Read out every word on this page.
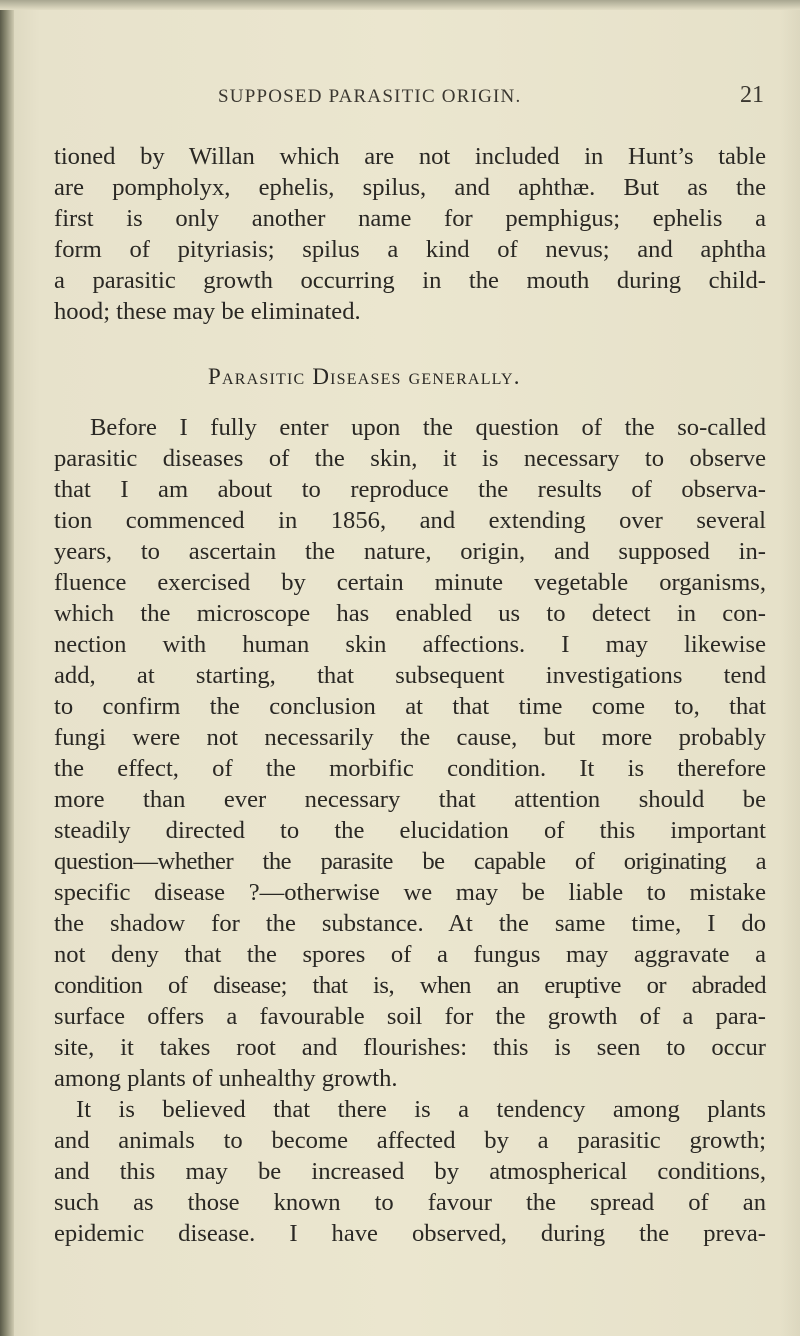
SUPPOSED PARASITIC ORIGIN.	21
tioned by Willan which are not included in Hunt’s table
are pompholyx, ephelis, spilus, and aphthæ. But as the
first is only another name for pemphigus; ephelis a
form of pityriasis; spilus a kind of nevus; and aphtha
a parasitic growth occurring in the mouth during child-
hood; these may be eliminated.
Parasitic Diseases generally.
Before I fully enter upon the question of the so-called
parasitic diseases of the skin, it is necessary to observe
that I am about to reproduce the results of observa-
tion commenced in 1856, and extending over several
years, to ascertain the nature, origin, and supposed in-
fluence exercised by certain minute vegetable organisms,
which the microscope has enabled us to detect in con-
nection with human skin affections. I may likewise
add, at starting, that subsequent investigations tend
to confirm the conclusion at that time come to, that
fungi were not necessarily the cause, but more probably
the effect, of the morbific condition. It is therefore
more than ever necessary that attention should be
steadily directed to the elucidation of this important
question—whether the parasite be capable of originating a
specific disease ?—otherwise we may be liable to mistake
the shadow for the substance. At the same time, I do
not deny that the spores of a fungus may aggravate a
condition of disease; that is, when an eruptive or abraded
surface offers a favourable soil for the growth of a para-
site, it takes root and flourishes: this is seen to occur
among plants of unhealthy growth.
It is believed that there is a tendency among plants
and animals to become affected by a parasitic growth;
and this may be increased by atmospherical conditions,
such as those known to favour the spread of an
epidemic disease. I have observed, during the preva-
